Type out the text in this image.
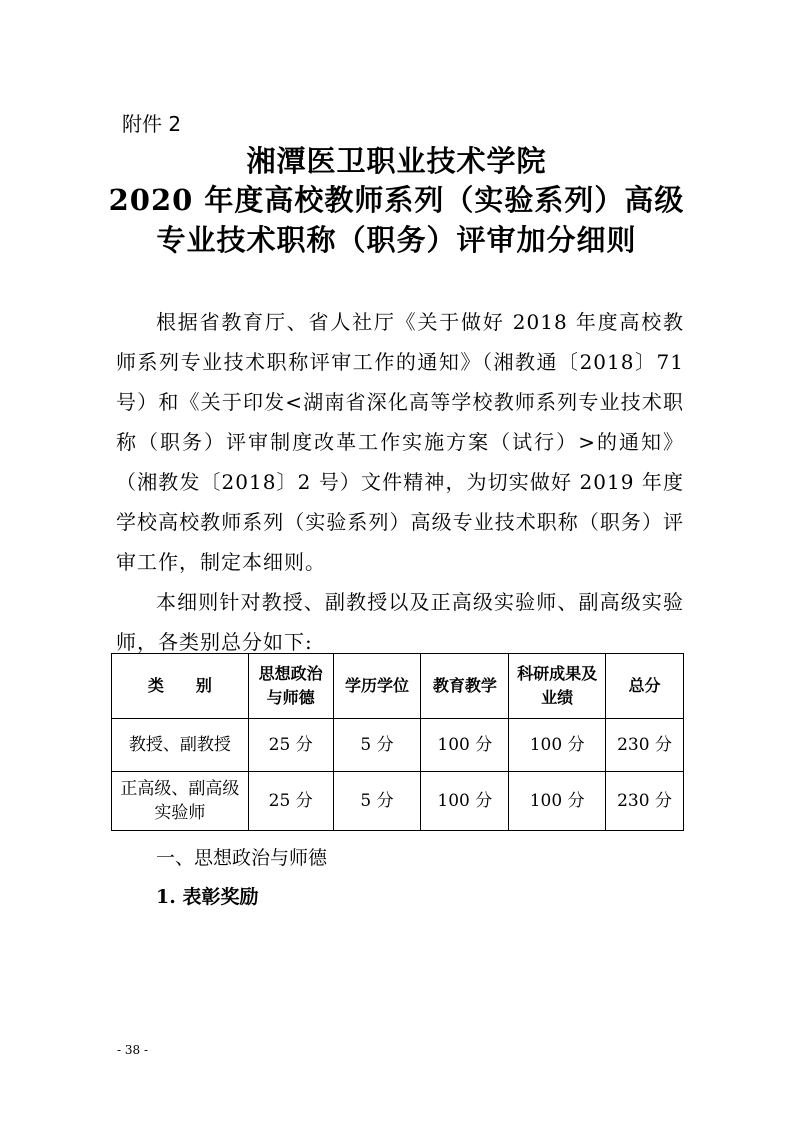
附件 2
湘潭医卫职业技术学院
2020 年度高校教师系列（实验系列）高级
专业技术职称（职务）评审加分细则

根据省教育厅、省人社厅《关于做好 2018 年度高校教师系列专业技术职称评审工作的通知》（湘教通〔2018〕71 号）和《关于印发<湖南省深化高等学校教师系列专业技术职称（职务）评审制度改革工作实施方案（试行）>的通知》（湘教发〔2018〕2 号）文件精神，为切实做好 2019 年度学校高校教师系列（实验系列）高级专业技术职称（职务）评审工作，制定本细则。

本细则针对教授、副教授以及正高级实验师、副高级实验师，各类别总分如下:

类　　别	思想政治与师德	学历学位	教育教学	科研成果及业绩	总分
教授、副教授	25 分	5 分	100 分	100 分	230 分
正高级、副高级实验师	25 分	5 分	100 分	100 分	230 分
一、思想政治与师德
1. 表彰奖励
- 38 -
